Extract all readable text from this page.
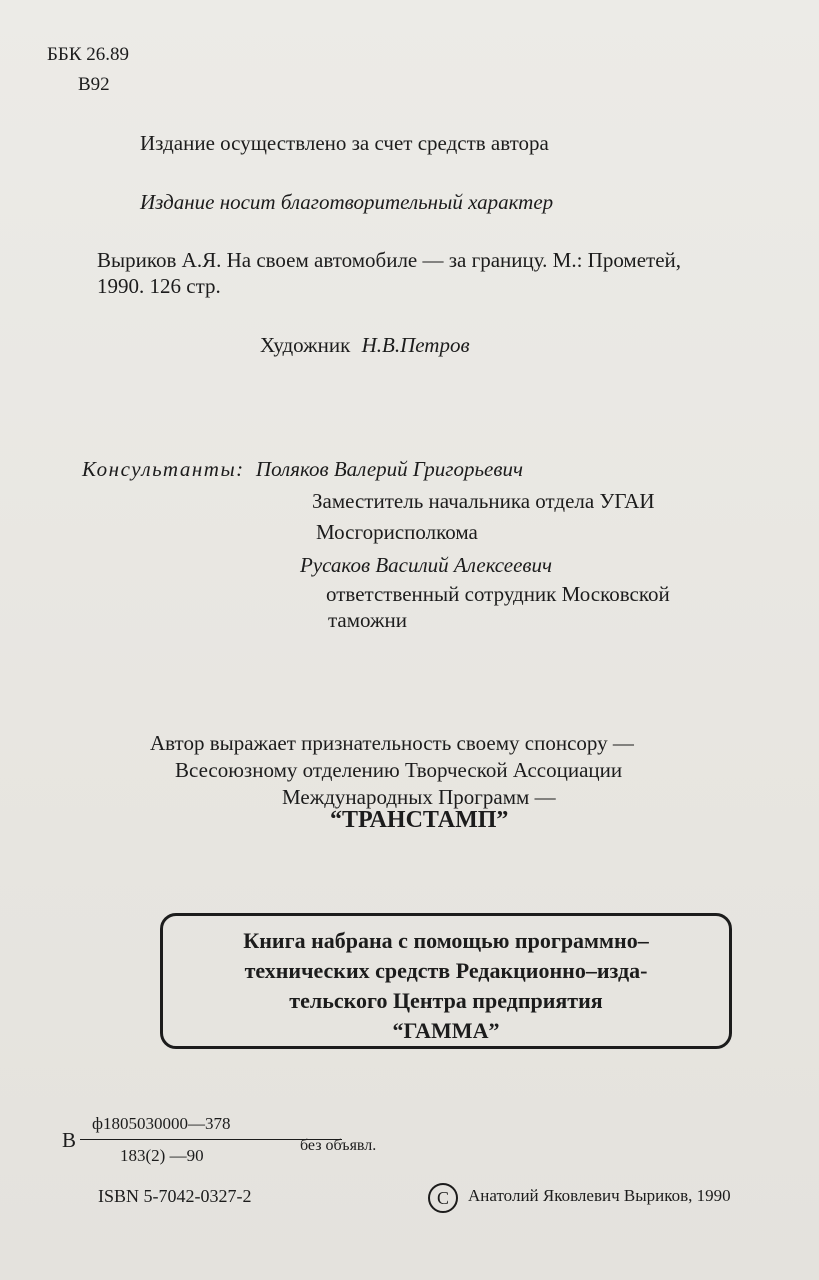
ББК 26.89
В92
Издание осуществлено за счет средств автора
Издание носит благотворительный характер
Выриков А.Я. На своем автомобиле — за границу. М.: Прометей,
1990. 126 стр.
Художник Н.В.Петров
Консультанты: Поляков Валерий Григорьевич
Заместитель начальника отдела УГАИ
Мосгорисполкома
Русаков Василий Алексеевич
ответственный сотрудник Московской
таможни
Автор выражает признательность своему спонсору —
Всесоюзному отделению Творческой Ассоциации
Международных Программ —
“ТРАНСТАМП”
Книга набрана с помощью программно–
технических средств Редакционно–изда-
тельского Центра предприятия
“ГАММА”
В
ф1805030000—378
183(2) —90
без объявл.
ISBN 5-7042-0327-2	C Анатолий Яковлевич Выриков, 1990
